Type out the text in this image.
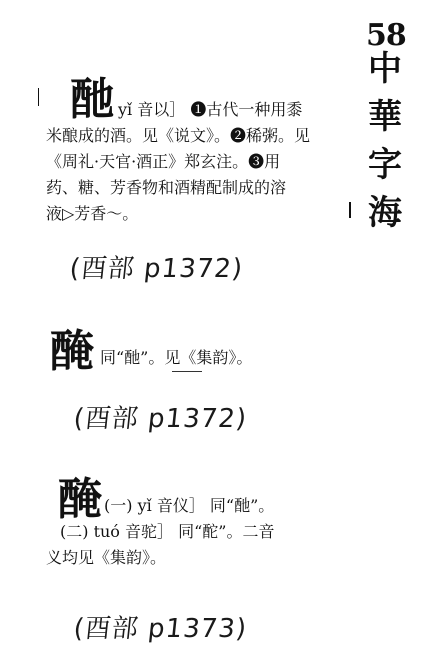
58
中
華
字
海
酏 yǐ 音以］ ❶古代一种用黍
米酿成的酒。见《说文》。❷稀粥。见
《周礼·天官·酒正》郑玄注。❸用
药、糖、芳香物和酒精配制成的溶
液▷芳香～。
(酉部 p1372)
醃 同“酏”。见《集韵》。
(酉部 p1372)
醃 (一) yǐ 音仪］ 同“酏”。
(二) tuó 音驼］ 同“酡”。二音
义均见《集韵》。
(酉部 p1373)
